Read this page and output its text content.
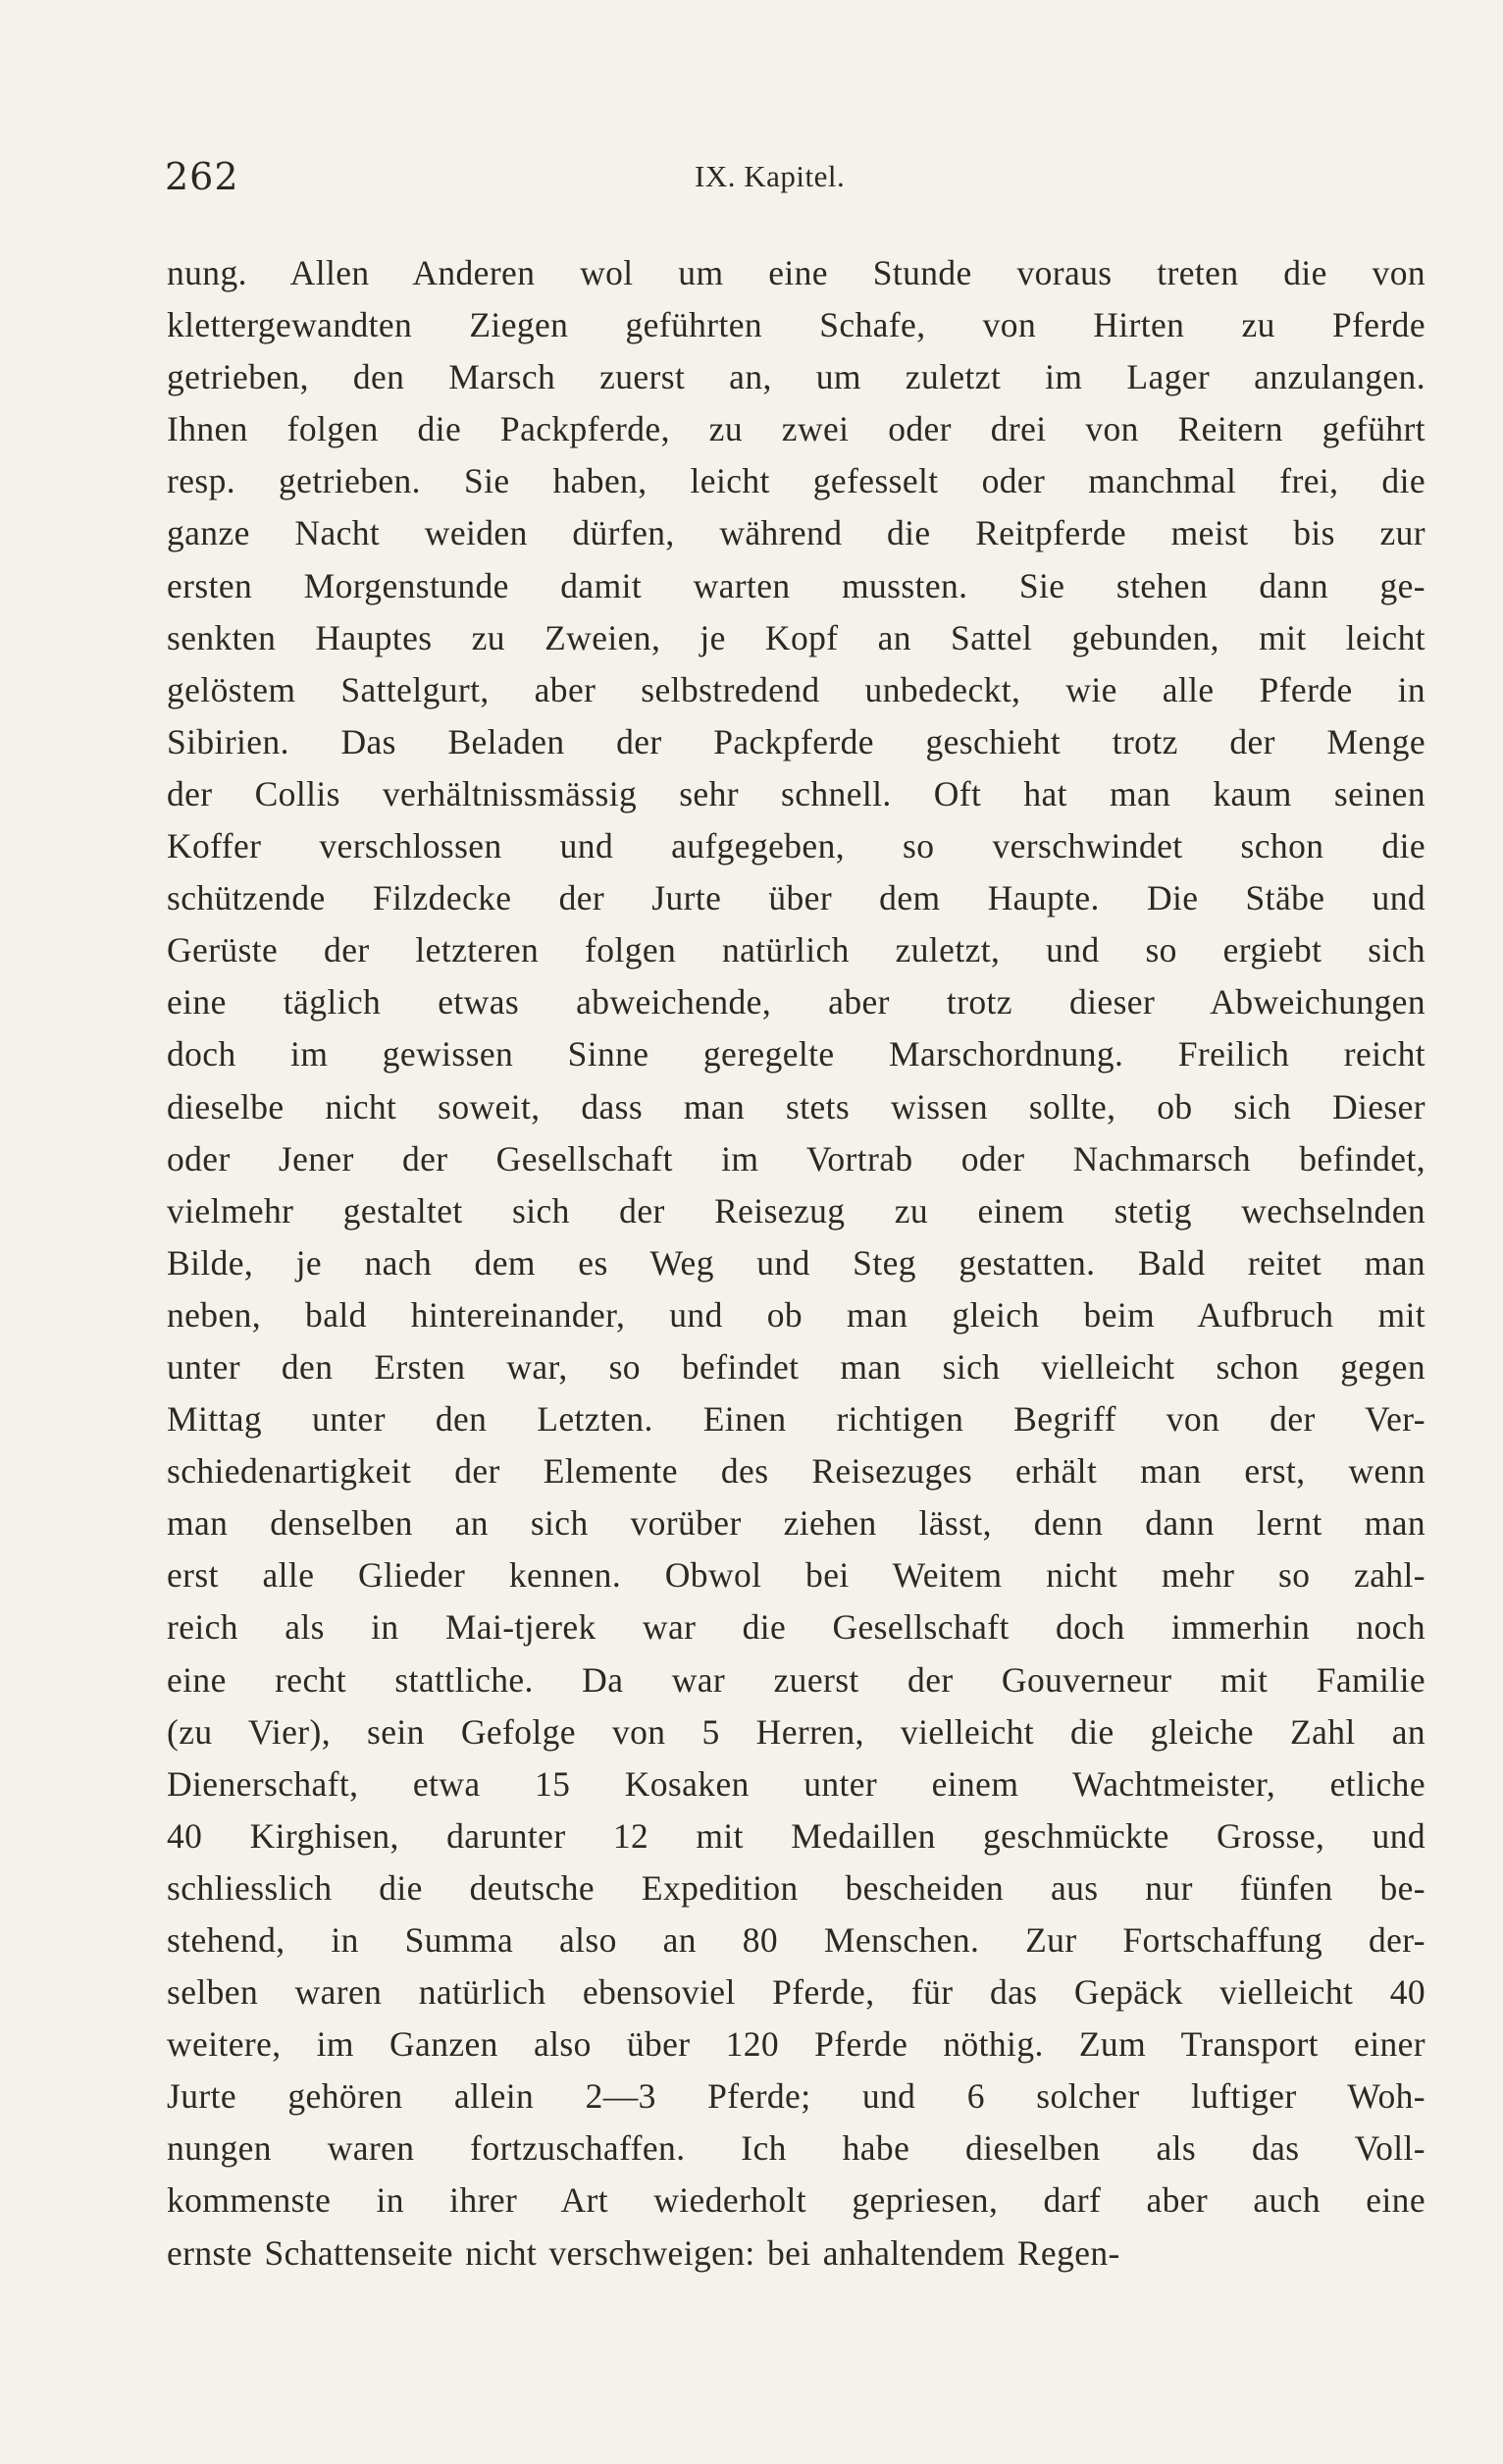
262	IX. Kapitel.
nung. Allen Anderen wol um eine Stunde voraus treten die von
klettergewandten Ziegen geführten Schafe, von Hirten zu Pferde
getrieben, den Marsch zuerst an, um zuletzt im Lager anzulangen.
Ihnen folgen die Packpferde, zu zwei oder drei von Reitern geführt
resp. getrieben. Sie haben, leicht gefesselt oder manchmal frei, die
ganze Nacht weiden dürfen, während die Reitpferde meist bis zur
ersten Morgenstunde damit warten mussten. Sie stehen dann ge-
senkten Hauptes zu Zweien, je Kopf an Sattel gebunden, mit leicht
gelöstem Sattelgurt, aber selbstredend unbedeckt, wie alle Pferde in
Sibirien. Das Beladen der Packpferde geschieht trotz der Menge
der Collis verhältnissmässig sehr schnell. Oft hat man kaum seinen
Koffer verschlossen und aufgegeben, so verschwindet schon die
schützende Filzdecke der Jurte über dem Haupte. Die Stäbe und
Gerüste der letzteren folgen natürlich zuletzt, und so ergiebt sich
eine täglich etwas abweichende, aber trotz dieser Abweichungen
doch im gewissen Sinne geregelte Marschordnung. Freilich reicht
dieselbe nicht soweit, dass man stets wissen sollte, ob sich Dieser
oder Jener der Gesellschaft im Vortrab oder Nachmarsch befindet,
vielmehr gestaltet sich der Reisezug zu einem stetig wechselnden
Bilde, je nach dem es Weg und Steg gestatten. Bald reitet man
neben, bald hintereinander, und ob man gleich beim Aufbruch mit
unter den Ersten war, so befindet man sich vielleicht schon gegen
Mittag unter den Letzten. Einen richtigen Begriff von der Ver-
schiedenartigkeit der Elemente des Reisezuges erhält man erst, wenn
man denselben an sich vorüber ziehen lässt, denn dann lernt man
erst alle Glieder kennen. Obwol bei Weitem nicht mehr so zahl-
reich als in Mai-tjerek war die Gesellschaft doch immerhin noch
eine recht stattliche. Da war zuerst der Gouverneur mit Familie
(zu Vier), sein Gefolge von 5 Herren, vielleicht die gleiche Zahl an
Dienerschaft, etwa 15 Kosaken unter einem Wachtmeister, etliche
40 Kirghisen, darunter 12 mit Medaillen geschmückte Grosse, und
schliesslich die deutsche Expedition bescheiden aus nur fünfen be-
stehend, in Summa also an 80 Menschen. Zur Fortschaffung der-
selben waren natürlich ebensoviel Pferde, für das Gepäck vielleicht 40
weitere, im Ganzen also über 120 Pferde nöthig. Zum Transport einer
Jurte gehören allein 2—3 Pferde; und 6 solcher luftiger Woh-
nungen waren fortzuschaffen. Ich habe dieselben als das Voll-
kommenste in ihrer Art wiederholt gepriesen, darf aber auch eine
ernste Schattenseite nicht verschweigen: bei anhaltendem Regen-
